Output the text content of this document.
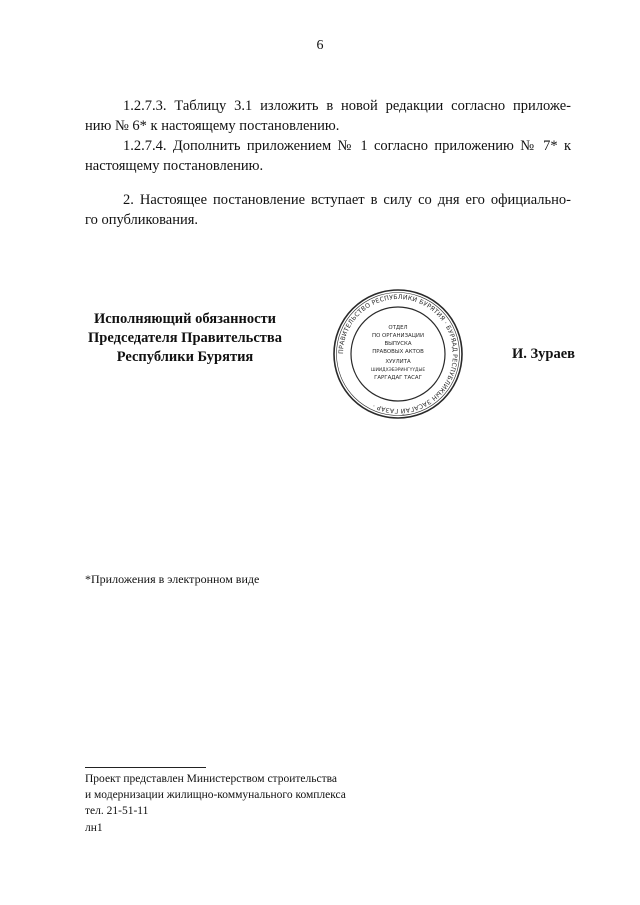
6
1.2.7.3. Таблицу 3.1 изложить в новой редакции согласно приложе-
нию № 6* к настоящему постановлению.
1.2.7.4. Дополнить приложением № 1 согласно приложению № 7* к
настоящему постановлению.
2. Настоящее постановление вступает в силу со дня его официально-
го опубликования.
Исполняющий обязанности
Председателя Правительства
Республики Бурятия	ПРАВИТЕЛЬСТВО РЕСПУБЛИКИ БУРЯТИЯ · БУРЯАД РЕСПУБЛИКЫН ЗАСАГАЙ ГАЗАР ·
ОТДЕЛ
ПО ОРГАНИЗАЦИИ
ВЫПУСКА
ПРАВОВЫХ АКТОВ
ХУУЛИТА
ШИИДХЭБЭРИНГҮҮДЫЕ
ГАРГАДАГ ТАСАГ
И. Зураев
*Приложения в электронном виде
Проект представлен Министерством строительства
и модернизации жилищно-коммунального комплекса
тел. 21-51-11
лн1
